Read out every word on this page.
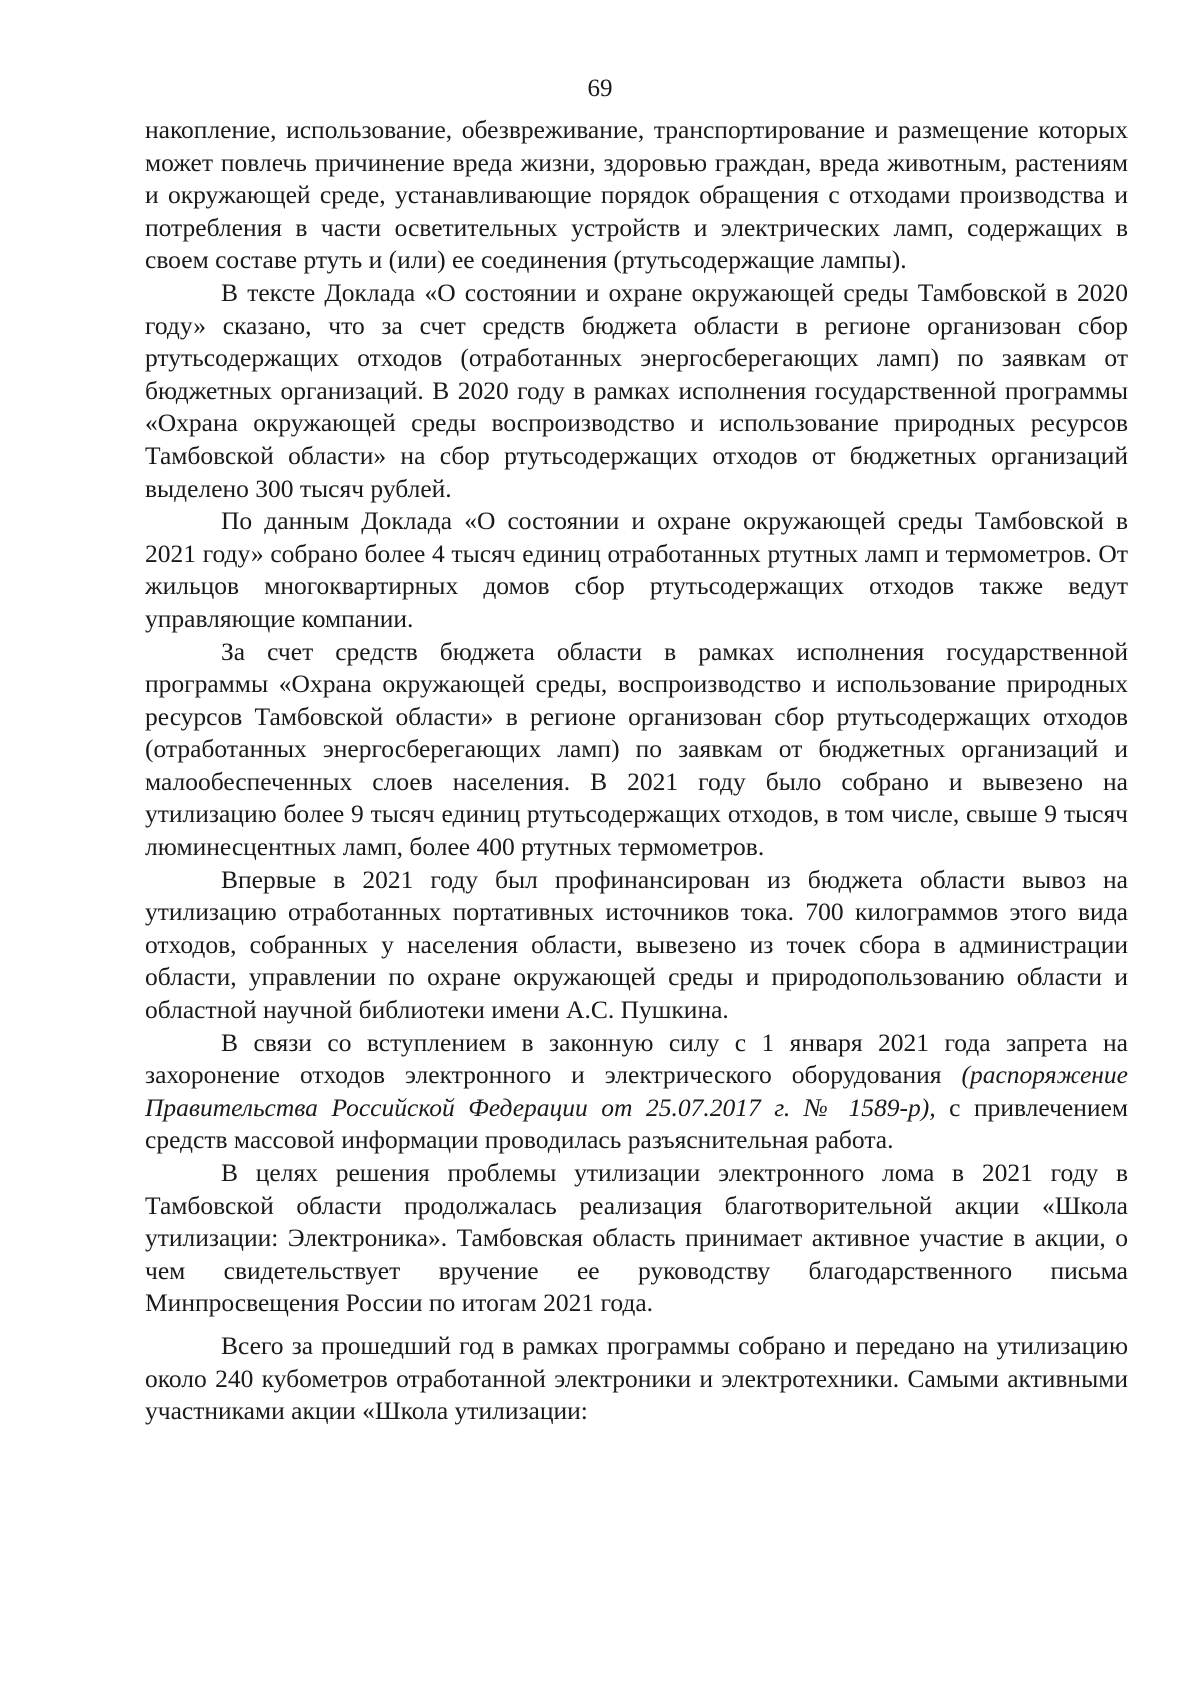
69

накопление, использование, обезвреживание, транспортирование и размещение которых может повлечь причинение вреда жизни, здоровью граждан, вреда животным, растениям и окружающей среде, устанавливающие порядок обращения с отходами производства и потребления в части осветительных устройств и электрических ламп, содержащих в своем составе ртуть и (или) ее соединения (ртутьсодержащие лампы).

В тексте Доклада «О состоянии и охране окружающей среды Тамбовской в 2020 году» сказано, что за счет средств бюджета области в регионе организован сбор ртутьсодержащих отходов (отработанных энергосберегающих ламп) по заявкам от бюджетных организаций. В 2020 году в рамках исполнения государственной программы «Охрана окружающей среды воспроизводство и использование природных ресурсов Тамбовской области» на сбор ртутьсодержащих отходов от бюджетных организаций выделено 300 тысяч рублей.

По данным Доклада «О состоянии и охране окружающей среды Тамбовской в 2021 году» собрано более 4 тысяч единиц отработанных ртутных ламп и термометров. От жильцов многоквартирных домов сбор ртутьсодержащих отходов также ведут управляющие компании.

За счет средств бюджета области в рамках исполнения государственной программы «Охрана окружающей среды, воспроизводство и использование природных ресурсов Тамбовской области» в регионе организован сбор ртутьсодержащих отходов (отработанных энергосберегающих ламп) по заявкам от бюджетных организаций и малообеспеченных слоев населения. В 2021 году было собрано и вывезено на утилизацию более 9 тысяч единиц ртутьсодержащих отходов, в том числе, свыше 9 тысяч люминесцентных ламп, более 400 ртутных термометров.

Впервые в 2021 году был профинансирован из бюджета области вывоз на утилизацию отработанных портативных источников тока. 700 килограммов этого вида отходов, собранных у населения области, вывезено из точек сбора в администрации области, управлении по охране окружающей среды и природопользованию области и областной научной библиотеки имени А.С. Пушкина.

В связи со вступлением в законную силу с 1 января 2021 года запрета на захоронение отходов электронного и электрического оборудования (распоряжение Правительства Российской Федерации от 25.07.2017 г. № 1589-р), с привлечением средств массовой информации проводилась разъяснительная работа.

В целях решения проблемы утилизации электронного лома в 2021 году в Тамбовской области продолжалась реализация благотворительной акции «Школа утилизации: Электроника». Тамбовская область принимает активное участие в акции, о чем свидетельствует вручение ее руководству благодарственного письма Минпросвещения России по итогам 2021 года.

Всего за прошедший год в рамках программы собрано и передано на утилизацию около 240 кубометров отработанной электроники и электротехники. Самыми активными участниками акции «Школа утилизации:
